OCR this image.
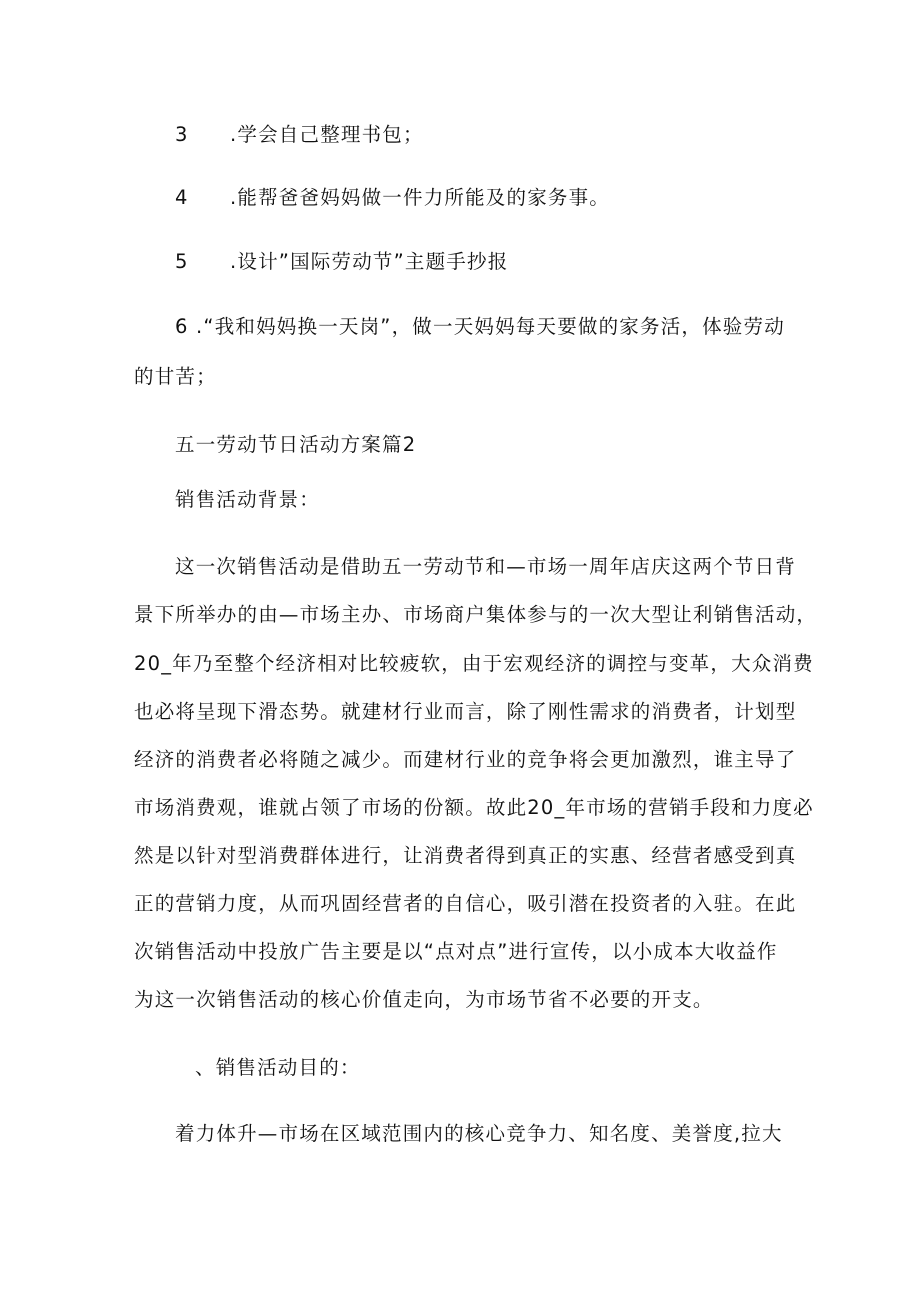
3 .学会自己整理书包；
4 .能帮爸爸妈妈做一件力所能及的家务事。
5 .设计”国际劳动节”主题手抄报
6 .“我和妈妈换一天岗”，做一天妈妈每天要做的家务活，体验劳动
的甘苦；
五一劳动节日活动方案篇2
销售活动背景：
这一次销售活动是借助五一劳动节和—市场一周年店庆这两个节日背
景下所举办的由—市场主办、市场商户集体参与的一次大型让利销售活动，
20_年乃至整个经济相对比较疲软，由于宏观经济的调控与变革，大众消费
也必将呈现下滑态势。就建材行业而言，除了刚性需求的消费者，计划型
经济的消费者必将随之减少。而建材行业的竞争将会更加激烈，谁主导了
市场消费观，谁就占领了市场的份额。故此20_年市场的营销手段和力度必
然是以针对型消费群体进行，让消费者得到真正的实惠、经营者感受到真
正的营销力度，从而巩固经营者的自信心，吸引潜在投资者的入驻。在此
次销售活动中投放广告主要是以“点对点”进行宣传，以小成本大收益作
为这一次销售活动的核心价值走向，为市场节省不必要的开支。
、销售活动目的：
着力体升—市场在区域范围内的核心竞争力、知名度、美誉度,拉大
